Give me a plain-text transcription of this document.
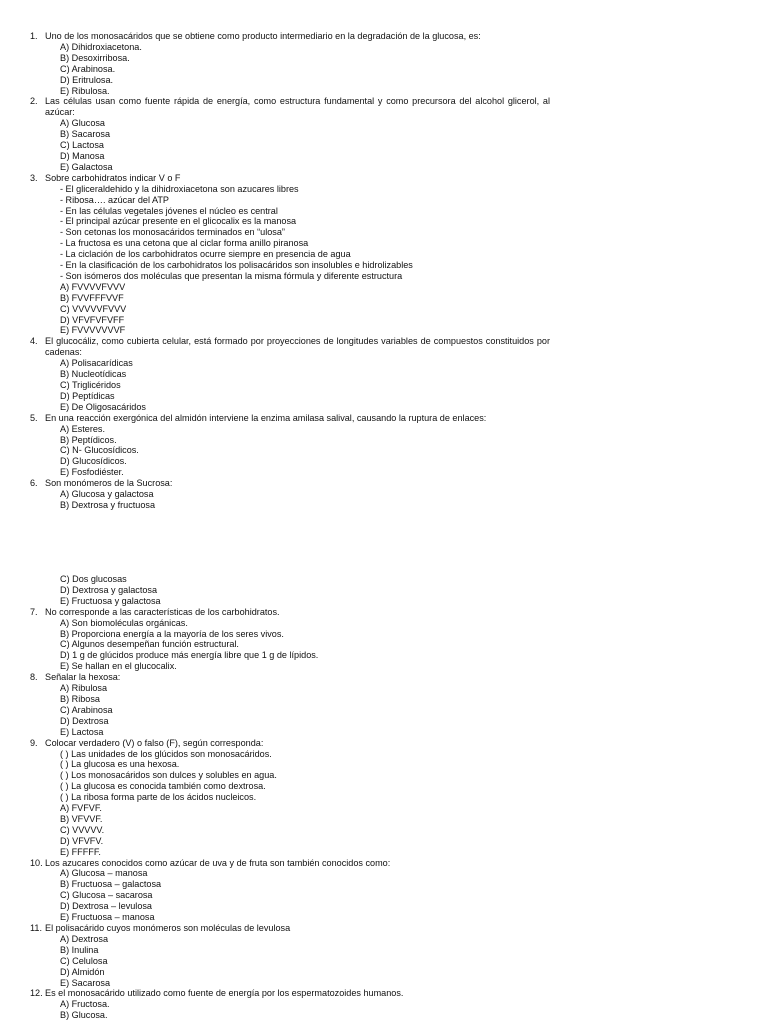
1. Uno de los monosacáridos que se obtiene como producto intermediario en la degradación de la glucosa, es:
A) Dihidroxiacetona.
B) Desoxirribosa.
C) Arabinosa.
D) Eritrulosa.
E) Ribulosa.
2. Las células usan como fuente rápida de energía, como estructura fundamental y como precursora del alcohol glicerol, al azúcar:
A) Glucosa
B) Sacarosa
C) Lactosa
D) Manosa
E) Galactosa
3. Sobre carbohidratos indicar V o F
- El gliceraldehido y la dihidroxiacetona son azucares libres
- Ribosa…. azúcar del ATP
- En las células vegetales jóvenes el núcleo es central
- El principal azúcar presente en el glicocalix es la manosa
- Son cetonas los monosacáridos terminados en “ulosa”
- La fructosa es una cetona que al ciclar forma anillo piranosa
- La ciclación de los carbohidratos ocurre siempre en presencia de agua
- En la clasificación de los carbohidratos los polisacáridos son insolubles e hidrolizables
- Son isómeros dos moléculas que presentan la misma fórmula y diferente estructura
A) FVVVVFVVV
B) FVVFFFVVF
C) VVVVVFVVV
D) VFVFVFVFF
E) FVVVVVVVF
4. El glucocáliz, como cubierta celular, está formado por proyecciones de longitudes variables de compuestos constituidos por cadenas:
A) Polisacarídicas
B) Nucleotídicas
C) Triglicéridos
D) Peptídicas
E) De Oligosacáridos
5. En una reacción exergónica del almidón interviene la enzima amilasa salival, causando la ruptura de enlaces:
A) Esteres.
B) Peptídicos.
C) N- Glucosídicos.
D) Glucosídicos.
E) Fosfodiéster.
6. Son monómeros de la Sucrosa:
A) Glucosa y galactosa
B) Dextrosa y fructuosa
C) Dos glucosas
D) Dextrosa y galactosa
E) Fructuosa y galactosa
7. No corresponde a las características de los carbohidratos.
A) Son biomoléculas orgánicas.
B) Proporciona energía a la mayoría de los seres vivos.
C) Algunos desempeñan función estructural.
D) 1 g de glúcidos produce más energía libre que 1 g de lípidos.
E) Se hallan en el glucocalix.
8. Señalar la hexosa:
A) Ribulosa
B) Ribosa
C) Arabinosa
D) Dextrosa
E) Lactosa
9. Colocar verdadero (V) o falso (F), según corresponda:
( ) Las unidades de los glúcidos son monosacáridos.
( ) La glucosa es una hexosa.
( ) Los monosacáridos son dulces y solubles en agua.
( ) La glucosa es conocida también como dextrosa.
( ) La ribosa forma parte de los ácidos nucleicos.
A) FVFVF.
B) VFVVF.
C) VVVVV.
D) VFVFV.
E) FFFFF.
10. Los azucares conocidos como azúcar de uva y de fruta son también conocidos como:
A) Glucosa – manosa
B) Fructuosa – galactosa
C) Glucosa – sacarosa
D) Dextrosa – levulosa
E) Fructuosa – manosa
11. El polisacárido cuyos monómeros son moléculas de levulosa
A) Dextrosa
B) Inulina
C) Celulosa
D) Almidón
E) Sacarosa
12. Es el monosacárido utilizado como fuente de energía por los espermatozoides humanos.
A) Fructosa.
B) Glucosa.
